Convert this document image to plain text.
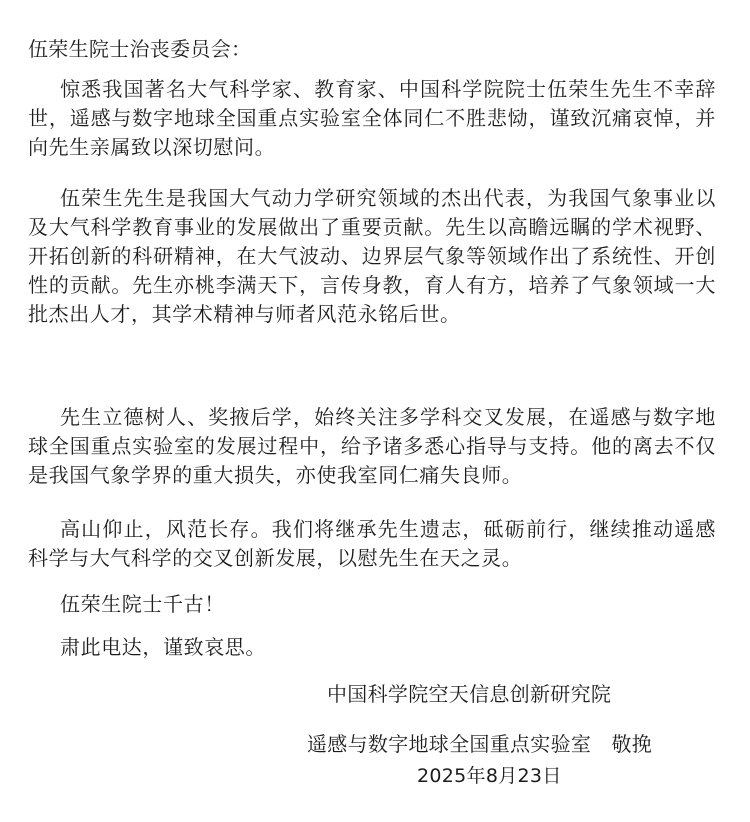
伍荣生院士治丧委员会：

惊悉我国著名大气科学家、教育家、中国科学院院士伍荣生先生不幸辞世，遥感与数字地球全国重点实验室全体同仁不胜悲恸，谨致沉痛哀悼，并向先生亲属致以深切慰问。

伍荣生先生是我国大气动力学研究领域的杰出代表，为我国气象事业以及大气科学教育事业的发展做出了重要贡献。先生以高瞻远瞩的学术视野、开拓创新的科研精神，在大气波动、边界层气象等领域作出了系统性、开创性的贡献。先生亦桃李满天下，言传身教，育人有方，培养了气象领域一大批杰出人才，其学术精神与师者风范永铭后世。

先生立德树人、奖掖后学，始终关注多学科交叉发展，在遥感与数字地球全国重点实验室的发展过程中，给予诸多悉心指导与支持。他的离去不仅是我国气象学界的重大损失，亦使我室同仁痛失良师。

高山仰止，风范长存。我们将继承先生遗志，砥砺前行，继续推动遥感科学与大气科学的交叉创新发展，以慰先生在天之灵。

伍荣生院士千古！

肃此电达，谨致哀思。

中国科学院空天信息创新研究院
遥感与数字地球全国重点实验室　敬挽
2025年8月23日
